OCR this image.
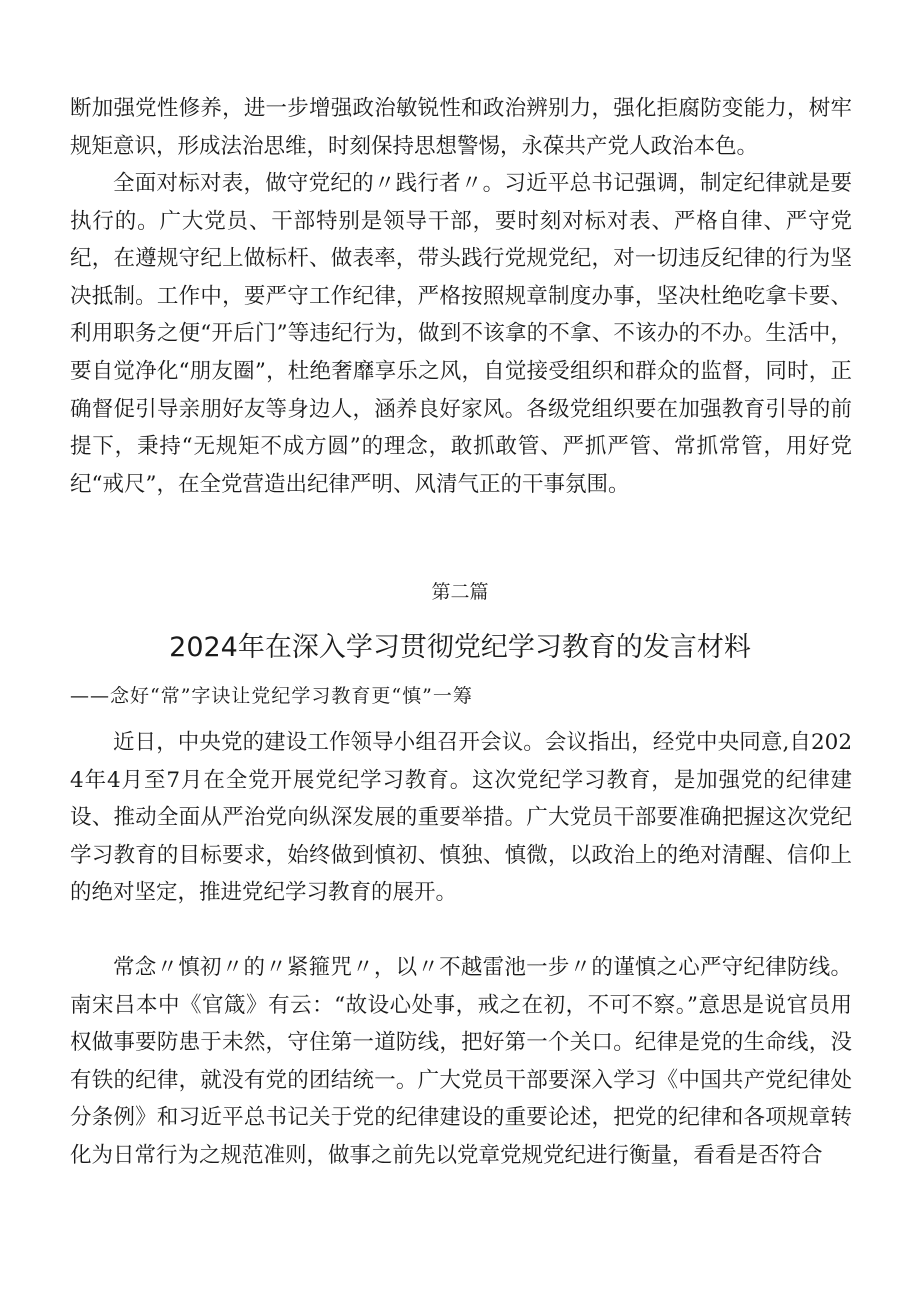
断加强党性修养，进一步增强政治敏锐性和政治辨别力，强化拒腐防变能力，树牢规矩意识，形成法治思维，时刻保持思想警惕，永葆共产党人政治本色。

全面对标对表，做守党纪的〃践行者〃。习近平总书记强调，制定纪律就是要执行的。广大党员、干部特别是领导干部，要时刻对标对表、严格自律、严守党纪，在遵规守纪上做标杆、做表率，带头践行党规党纪，对一切违反纪律的行为坚决抵制。工作中，要严守工作纪律，严格按照规章制度办事，坚决杜绝吃拿卡要、利用职务之便“开后门”等违纪行为，做到不该拿的不拿、不该办的不办。生活中，要自觉净化“朋友圈”，杜绝奢靡享乐之风，自觉接受组织和群众的监督，同时，正确督促引导亲朋好友等身边人，涵养良好家风。各级党组织要在加强教育引导的前提下，秉持“无规矩不成方圆”的理念，敢抓敢管、严抓严管、常抓常管，用好党纪“戒尺”，在全党营造出纪律严明、风清气正的干事氛围。

第二篇

2024年在深入学习贯彻党纪学习教育的发言材料

——念好“常”字诀让党纪学习教育更“慎”一筹

近日，中央党的建设工作领导小组召开会议。会议指出，经党中央同意,自2024年4月至7月在全党开展党纪学习教育。这次党纪学习教育，是加强党的纪律建设、推动全面从严治党向纵深发展的重要举措。广大党员干部要准确把握这次党纪学习教育的目标要求，始终做到慎初、慎独、慎微，以政治上的绝对清醒、信仰上的绝对坚定，推进党纪学习教育的展开。

常念〃慎初〃的〃紧箍咒〃，以〃不越雷池一步〃的谨慎之心严守纪律防线。南宋吕本中《官箴》有云：“故设心处事，戒之在初，不可不察。”意思是说官员用权做事要防患于未然，守住第一道防线，把好第一个关口。纪律是党的生命线，没有铁的纪律，就没有党的团结统一。广大党员干部要深入学习《中国共产党纪律处分条例》和习近平总书记关于党的纪律建设的重要论述，把党的纪律和各项规章转化为日常行为之规范准则，做事之前先以党章党规党纪进行衡量，看看是否符合
